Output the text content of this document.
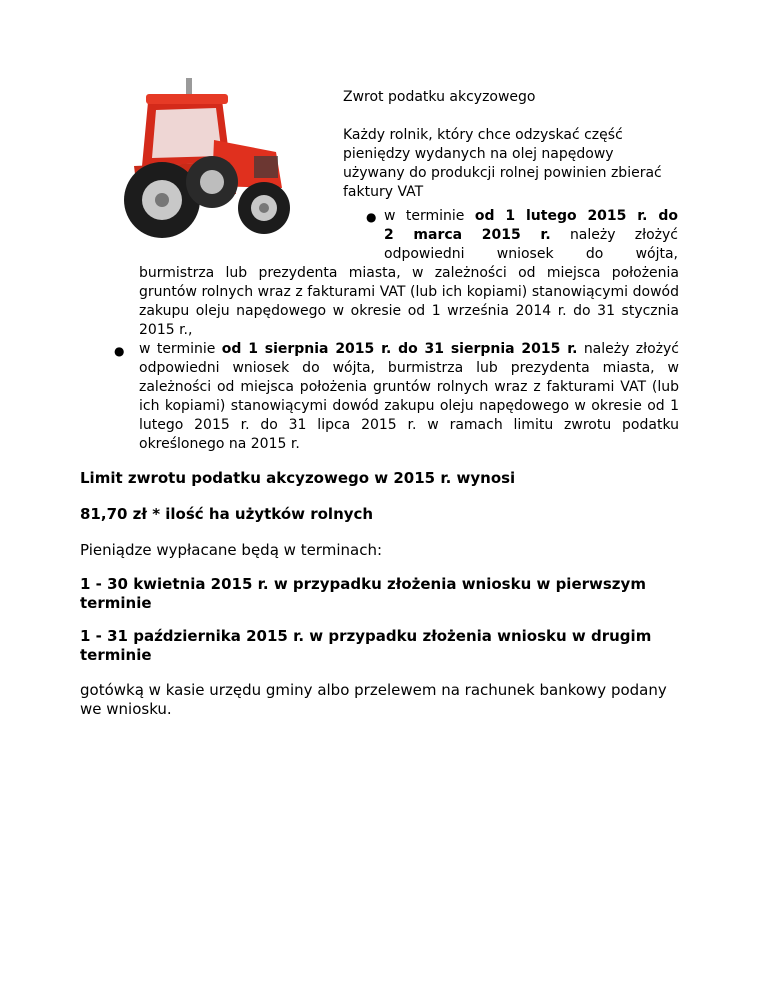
Zwrot podatku akcyzowego
Każdy rolnik, który chce odzyskać część pieniędzy wydanych na olej napędowy używany do produkcji rolnej powinien zbierać faktury VAT
● w terminie od 1 lutego 2015 r. do
2 marca 2015 r. należy złożyć
odpowiedni wniosek do wójta,
burmistrza lub prezydenta miasta, w zależności od miejsca położenia gruntów rolnych wraz z fakturami VAT (lub ich kopiami) stanowiącymi dowód zakupu oleju napędowego w okresie od 1 września 2014 r. do 31 stycznia 2015 r.,
● w terminie od 1 sierpnia 2015 r. do 31 sierpnia 2015 r. należy złożyć odpowiedni wniosek do wójta, burmistrza lub prezydenta miasta, w zależności od miejsca położenia gruntów rolnych wraz z fakturami VAT (lub ich kopiami) stanowiącymi dowód zakupu oleju napędowego w okresie od 1 lutego 2015 r. do 31 lipca 2015 r. w ramach limitu zwrotu podatku określonego na 2015 r.
Limit zwrotu podatku akcyzowego w 2015 r. wynosi
81,70 zł * ilość ha użytków rolnych
Pieniądze wypłacane będą w terminach:
1 - 30 kwietnia 2015 r. w przypadku złożenia wniosku w pierwszym terminie
1 - 31 października 2015 r. w przypadku złożenia wniosku w drugim terminie
gotówką w kasie urzędu gminy albo przelewem na rachunek bankowy podany we wniosku.
